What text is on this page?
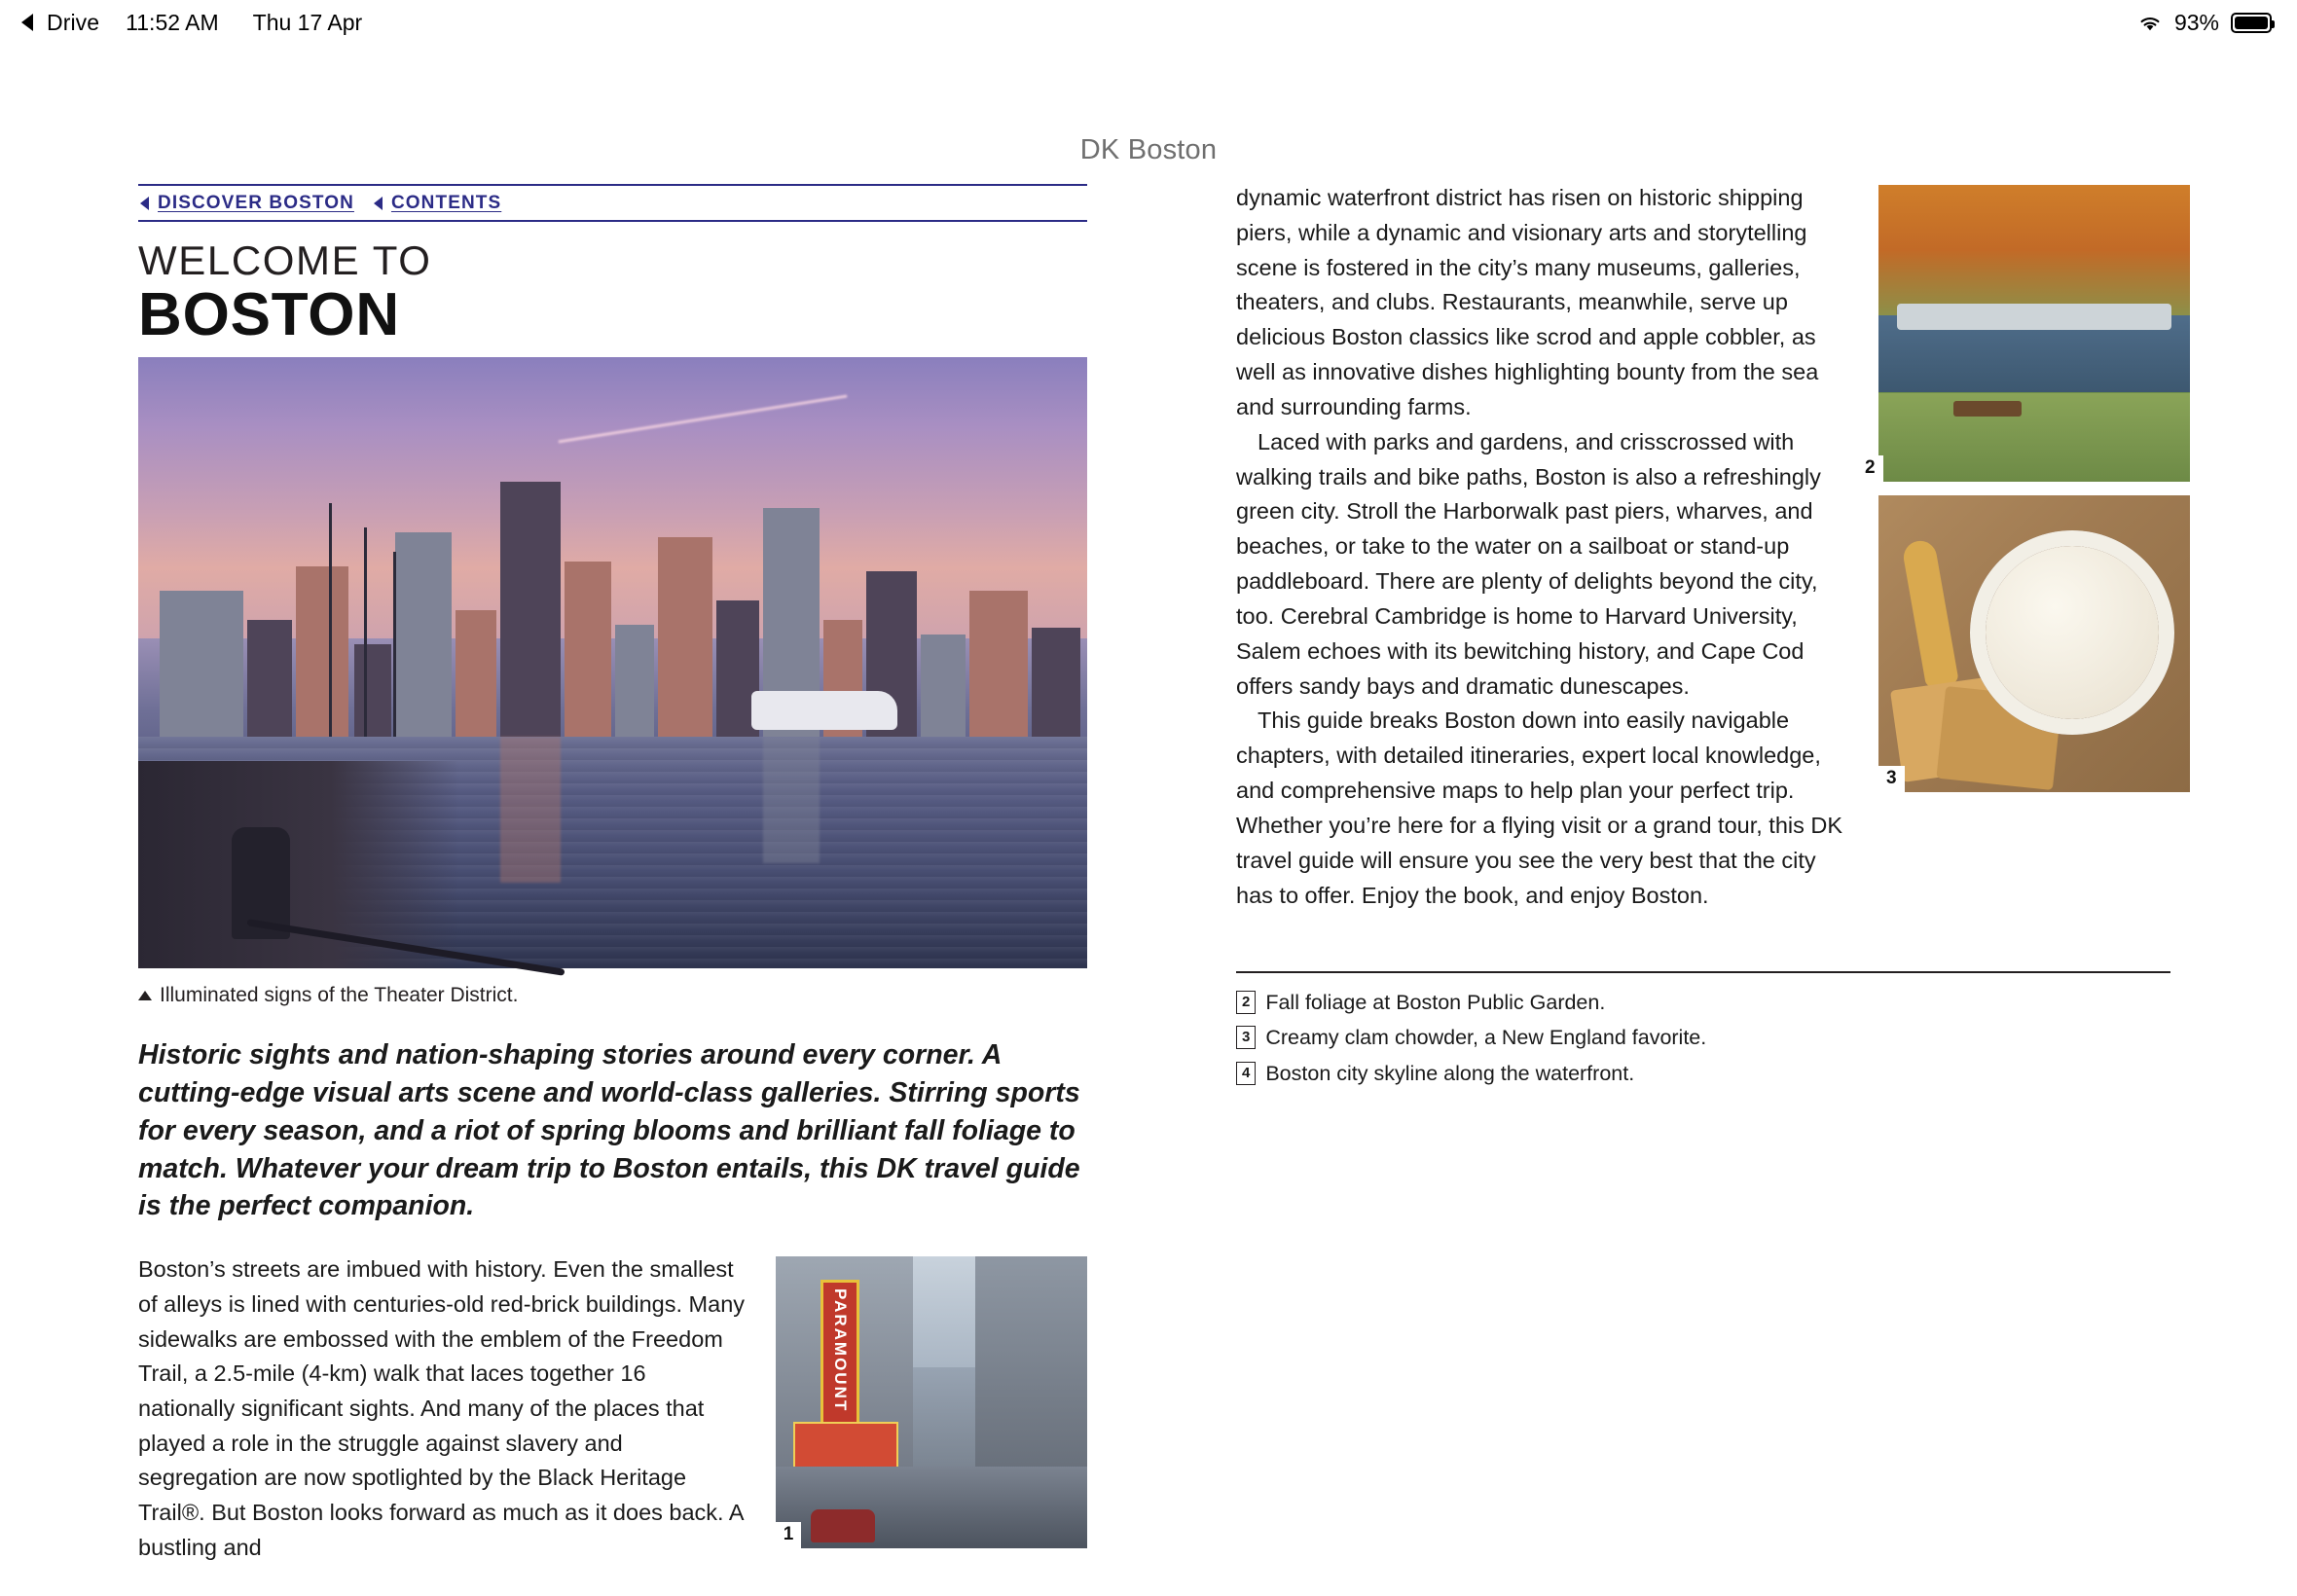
Drive 11:52 AM Thu 17 Apr	93%
DK Boston
DISCOVER BOSTON CONTENTS
WELCOME TO
BOSTON
Illuminated signs of the Theater District.
Historic sights and nation-shaping stories around every corner. A cutting-edge visual arts scene and world-class galleries. Stirring sports for every season, and a riot of spring blooms and brilliant fall foliage to match. Whatever your dream trip to Boston entails, this DK travel guide is the perfect companion.
PARAMOUNT
1
Boston’s streets are imbued with history. Even the smallest of alleys is lined with centuries-old red-brick buildings. Many sidewalks are embossed with the emblem of the Freedom Trail, a 2.5-mile (4-km) walk that laces together 16 nationally significant sights. And many of the places that played a role in the struggle against slavery and segregation are now spotlighted by the Black Heritage Trail®. But Boston looks forward as much as it does back. A bustling and

dynamic waterfront district has risen on historic shipping piers, while a dynamic and visionary arts and storytelling scene is fostered in the city’s many museums, galleries, theaters, and clubs. Restaurants, meanwhile, serve up delicious Boston classics like scrod and apple cobbler, as well as innovative dishes highlighting bounty from the sea and surrounding farms.

Laced with parks and gardens, and crisscrossed with walking trails and bike paths, Boston is also a refreshingly green city. Stroll the Harborwalk past piers, wharves, and beaches, or take to the water on a sailboat or stand-up paddleboard. There are plenty of delights beyond the city, too. Cerebral Cambridge is home to Harvard University, Salem echoes with its bewitching history, and Cape Cod offers sandy bays and dramatic dunescapes.

This guide breaks Boston down into easily navigable chapters, with detailed itineraries, expert local knowledge, and comprehensive maps to help plan your perfect trip. Whether you’re here for a flying visit or a grand tour, this DK travel guide will ensure you see the very best that the city has to offer. Enjoy the book, and enjoy Boston.

2
3
2 Fall foliage at Boston Public Garden.
3 Creamy clam chowder, a New England favorite.
4 Boston city skyline along the waterfront.
